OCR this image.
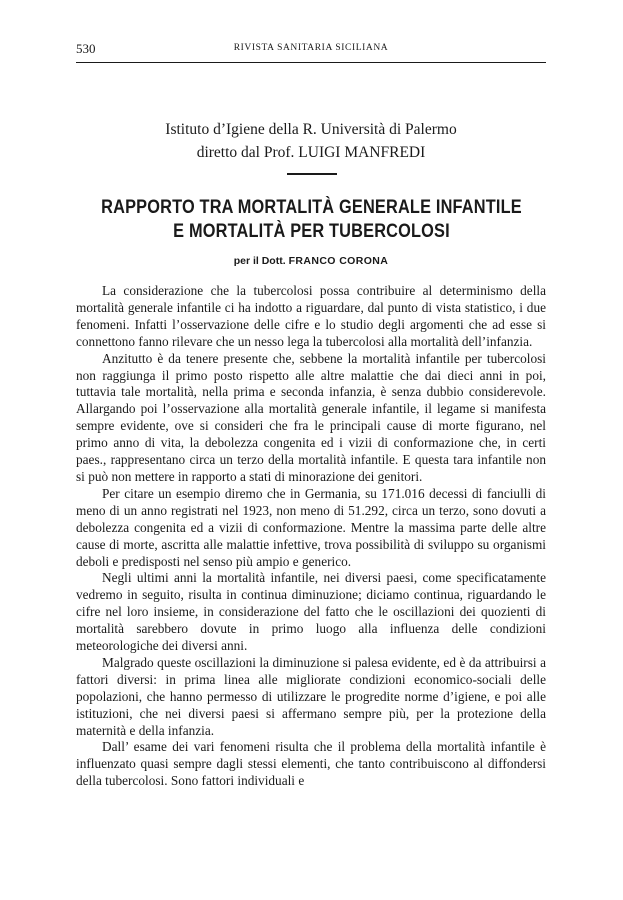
530	RIVISTA SANITARIA SICILIANA
Istituto d’Igiene della R. Università di Palermo
diretto dal Prof. LUIGI MANFREDI
RAPPORTO TRA MORTALITÀ GENERALE INFANTILE
E MORTALITÀ PER TUBERCOLOSI
per il Dott. FRANCO CORONA

La considerazione che la tubercolosi possa contribuire al determinismo della mortalità generale infantile ci ha indotto a riguardare, dal punto di vista statistico, i due fenomeni. Infatti l’osservazione delle cifre e lo studio degli argomenti che ad esse si connettono fanno rilevare che un nesso lega la tubercolosi alla mortalità dell’infanzia.

Anzitutto è da tenere presente che, sebbene la mortalità infantile per tubercolosi non raggiunga il primo posto rispetto alle altre malattie che dai dieci anni in poi, tuttavia tale mortalità, nella prima e seconda infanzia, è senza dubbio considerevole. Allargando poi l’osservazione alla mortalità generale infantile, il legame si manifesta sempre evidente, ove si consideri che fra le principali cause di morte figurano, nel primo anno di vita, la debolezza congenita ed i vizii di conformazione che, in certi paes., rappresentano circa un terzo della mortalità infantile. E questa tara infantile non si può non mettere in rapporto a stati di minorazione dei genitori.

Per citare un esempio diremo che in Germania, su 171.016 decessi di fanciulli di meno di un anno registrati nel 1923, non meno di 51.292, circa un terzo, sono dovuti a debolezza congenita ed a vizii di conformazione. Mentre la massima parte delle altre cause di morte, ascritta alle malattie infettive, trova possibilità di sviluppo su organismi deboli e predisposti nel senso più ampio e generico.

Negli ultimi anni la mortalità infantile, nei diversi paesi, come specificatamente vedremo in seguito, risulta in continua diminuzione; diciamo continua, riguardando le cifre nel loro insieme, in considerazione del fatto che le oscillazioni dei quozienti di mortalità sarebbero dovute in primo luogo alla influenza delle condizioni meteorologiche dei diversi anni.

Malgrado queste oscillazioni la diminuzione si palesa evidente, ed è da attribuirsi a fattori diversi: in prima linea alle migliorate condizioni economico-sociali delle popolazioni, che hanno permesso di utilizzare le progredite norme d’igiene, e poi alle istituzioni, che nei diversi paesi si affermano sempre più, per la protezione della maternità e della infanzia.

Dall’ esame dei vari fenomeni risulta che il problema della mortalità infantile è influenzato quasi sempre dagli stessi elementi, che tanto contribuiscono al diffondersi della tubercolosi. Sono fattori individuali e
